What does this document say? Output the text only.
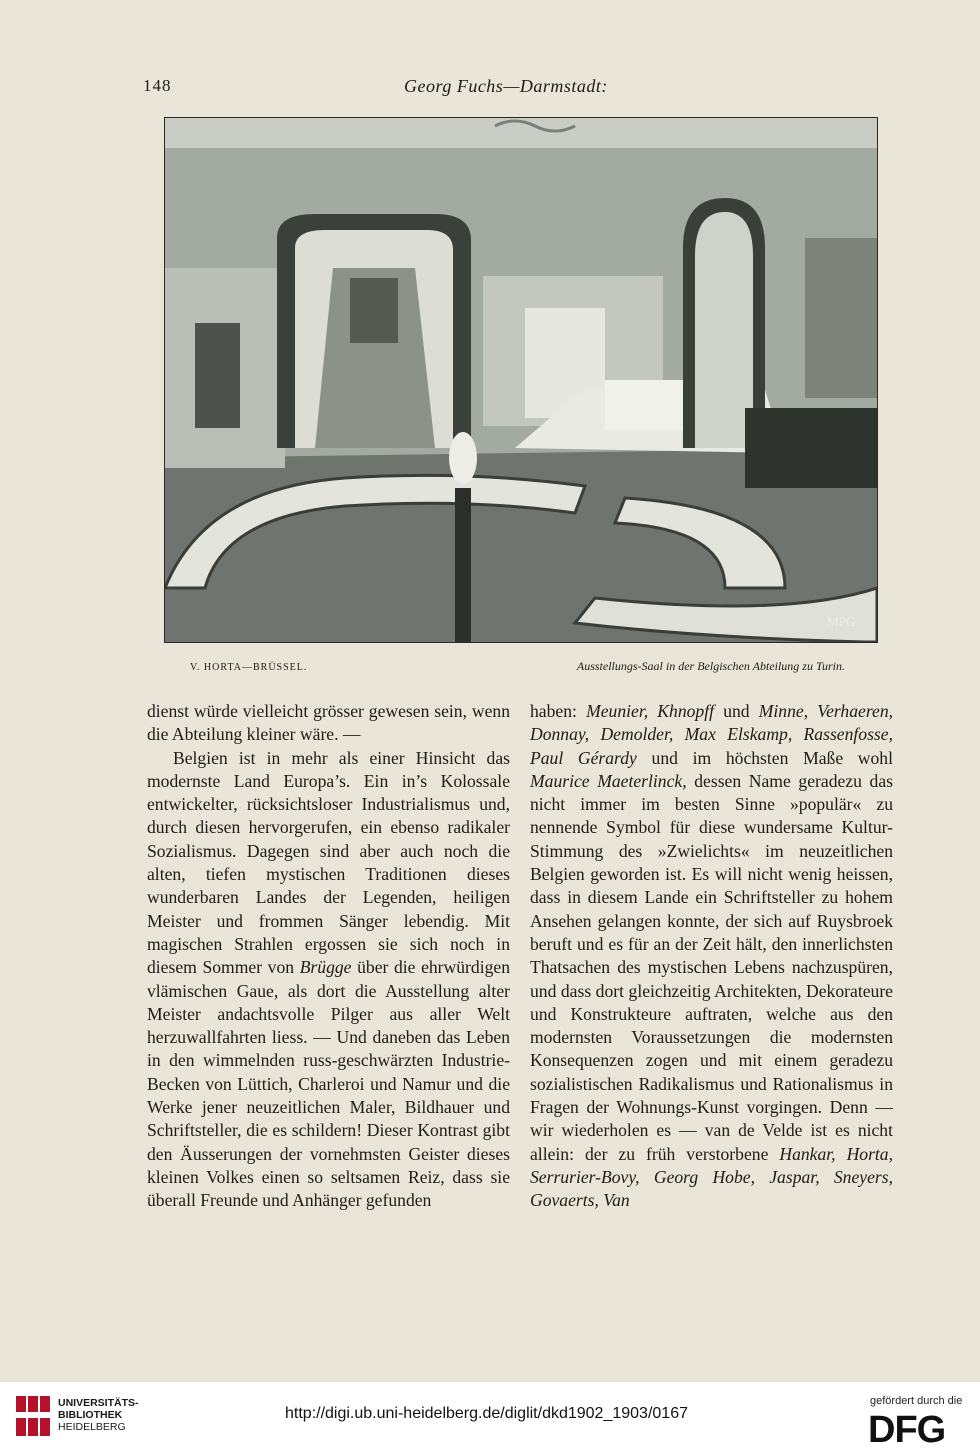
148	Georg Fuchs—Darmstadt:
MPG
V. HORTA—BRÜSSEL.	Ausstellungs-Saal in der Belgischen Abteilung zu Turin.

dienst würde vielleicht grösser gewesen sein, wenn die Abteilung kleiner wäre. —

Belgien ist in mehr als einer Hinsicht das modernste Land Europa’s. Ein in’s Kolossale entwickelter, rücksichtsloser Industrialismus und, durch diesen hervorgerufen, ein ebenso radikaler Sozialismus. Dagegen sind aber auch noch die alten, tiefen mystischen Traditionen dieses wunderbaren Landes der Legenden, heiligen Meister und frommen Sänger lebendig. Mit magischen Strahlen ergossen sie sich noch in diesem Sommer von Brügge über die ehrwürdigen vlämischen Gaue, als dort die Ausstellung alter Meister andachtsvolle Pilger aus aller Welt herzuwallfahrten liess. — Und daneben das Leben in den wimmelnden russ-geschwärzten Industrie-Becken von Lüttich, Charleroi und Namur und die Werke jener neuzeitlichen Maler, Bildhauer und Schriftsteller, die es schildern! Dieser Kontrast gibt den Äusserungen der vornehmsten Geister dieses kleinen Volkes einen so seltsamen Reiz, dass sie überall Freunde und Anhänger gefunden

haben: Meunier, Khnopff und Minne, Verhaeren, Donnay, Demolder, Max Elskamp, Rassenfosse, Paul Gérardy und im höchsten Maße wohl Maurice Maeterlinck, dessen Name geradezu das nicht immer im besten Sinne »populär« zu nennende Symbol für diese wundersame Kultur-Stimmung des »Zwielichts« im neuzeitlichen Belgien geworden ist. Es will nicht wenig heissen, dass in diesem Lande ein Schriftsteller zu hohem Ansehen gelangen konnte, der sich auf Ruysbroek beruft und es für an der Zeit hält, den innerlichsten Thatsachen des mystischen Lebens nachzuspüren, und dass dort gleichzeitig Architekten, Dekorateure und Konstrukteure auftraten, welche aus den modernsten Voraussetzungen die modernsten Konsequenzen zogen und mit einem geradezu sozialistischen Radikalismus und Rationalismus in Fragen der Wohnungs-Kunst vorgingen. Denn — wir wiederholen es — van de Velde ist es nicht allein: der zu früh verstorbene Hankar, Horta, Serrurier-Bovy, Georg Hobe, Jaspar, Sneyers, Govaerts, Van

UNIVERSITÄTS-
BIBLIOTHEK
HEIDELBERG
http://digi.ub.uni-heidelberg.de/diglit/dkd1902_1903/0167
gefördert durch die
DFG
